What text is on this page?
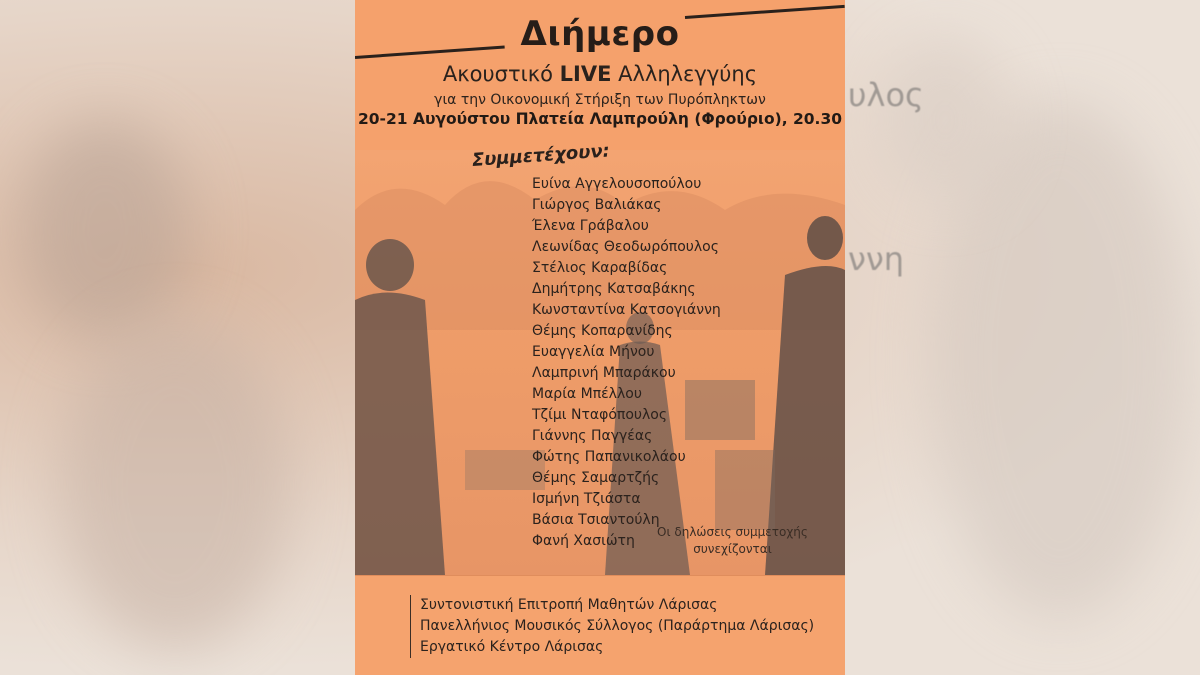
υλος
ννη
Διήμερο
Ακουστικό LIVE Αλληλεγγύης
για την Οικονομική Στήριξη των Πυρόπληκτων
20-21 Αυγούστου Πλατεία Λαμπρούλη (Φρούριο), 20.30
Συμμετέχουν:
Ευίνα Αγγελουσοπούλου
Γιώργος Βαλιάκας
Έλενα Γράβαλου
Λεωνίδας Θεοδωρόπουλος
Στέλιος Καραβίδας
Δημήτρης Κατσαβάκης
Κωνσταντίνα Κατσογιάννη
Θέμης Κοπαρανίδης
Ευαγγελία Μήνου
Λαμπρινή Μπαράκου
Μαρία Μπέλλου
Τζίμι Νταφόπουλος
Γιάννης Παγγέας
Φώτης Παπανικολάου
Θέμης Σαμαρτζής
Ισμήνη Τζιάστα
Βάσια Τσιαντούλη
Φανή Χασιώτη
Οι δηλώσεις συμμετοχής
συνεχίζονται
Συντονιστική Επιτροπή Μαθητών Λάρισας
Πανελλήνιος Μουσικός Σύλλογος (Παράρτημα Λάρισας)
Εργατικό Κέντρο Λάρισας
